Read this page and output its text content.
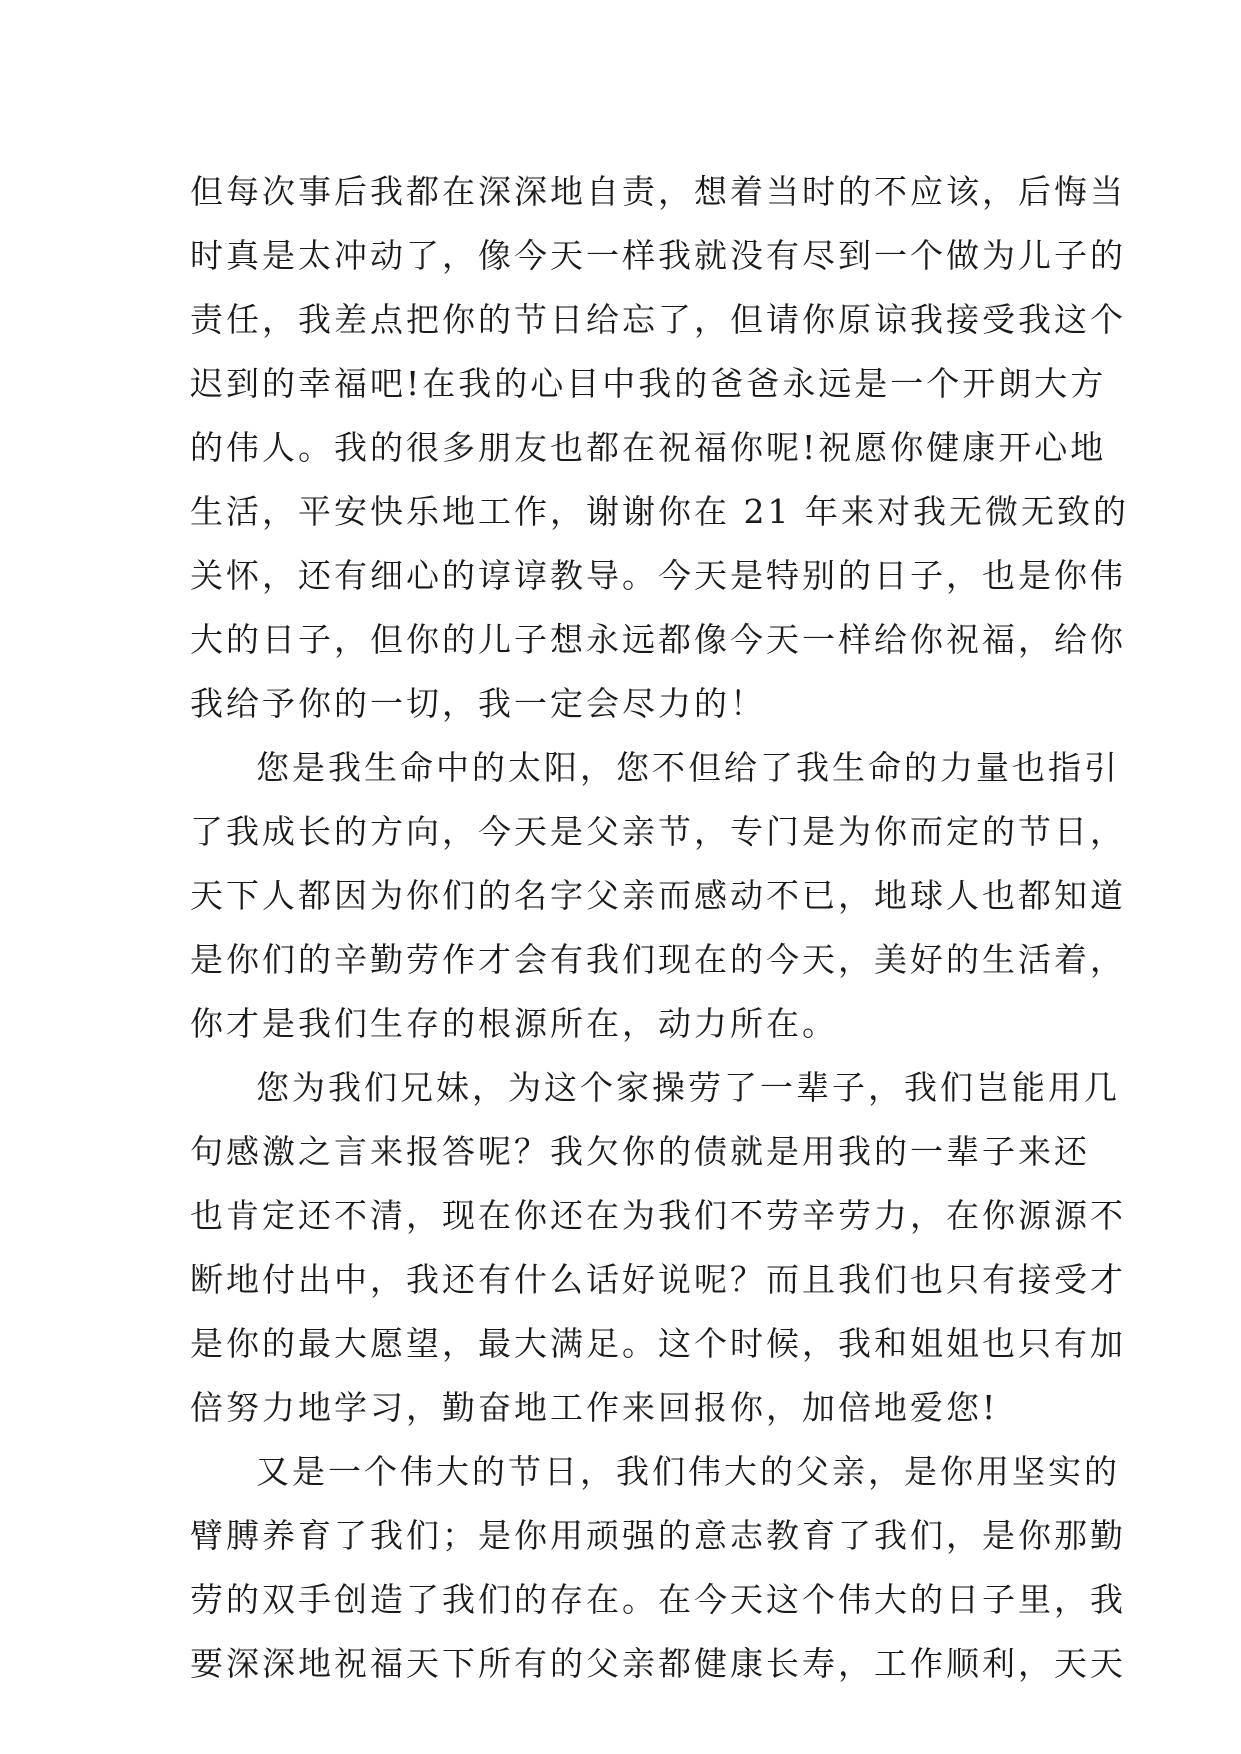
但每次事后我都在深深地自责，想着当时的不应该，后悔当

时真是太冲动了，像今天一样我就没有尽到一个做为儿子的

责任，我差点把你的节日给忘了，但请你原谅我接受我这个

迟到的幸福吧!在我的心目中我的爸爸永远是一个开朗大方

的伟人。我的很多朋友也都在祝福你呢!祝愿你健康开心地

生活，平安快乐地工作，谢谢你在 21 年来对我无微无致的

关怀，还有细心的谆谆教导。今天是特别的日子，也是你伟

大的日子，但你的儿子想永远都像今天一样给你祝福，给你

我给予你的一切，我一定会尽力的！

您是我生命中的太阳，您不但给了我生命的力量也指引

了我成长的方向，今天是父亲节，专门是为你而定的节日，

天下人都因为你们的名字父亲而感动不已，地球人也都知道

是你们的辛勤劳作才会有我们现在的今天，美好的生活着，

你才是我们生存的根源所在，动力所在。

您为我们兄妹，为这个家操劳了一辈子，我们岂能用几

句感激之言来报答呢？我欠你的债就是用我的一辈子来还

也肯定还不清，现在你还在为我们不劳辛劳力，在你源源不

断地付出中，我还有什么话好说呢？而且我们也只有接受才

是你的最大愿望，最大满足。这个时候，我和姐姐也只有加

倍努力地学习，勤奋地工作来回报你，加倍地爱您!

又是一个伟大的节日，我们伟大的父亲，是你用坚实的

臂膊养育了我们；是你用顽强的意志教育了我们，是你那勤

劳的双手创造了我们的存在。在今天这个伟大的日子里，我

要深深地祝福天下所有的父亲都健康长寿，工作顺利，天天
